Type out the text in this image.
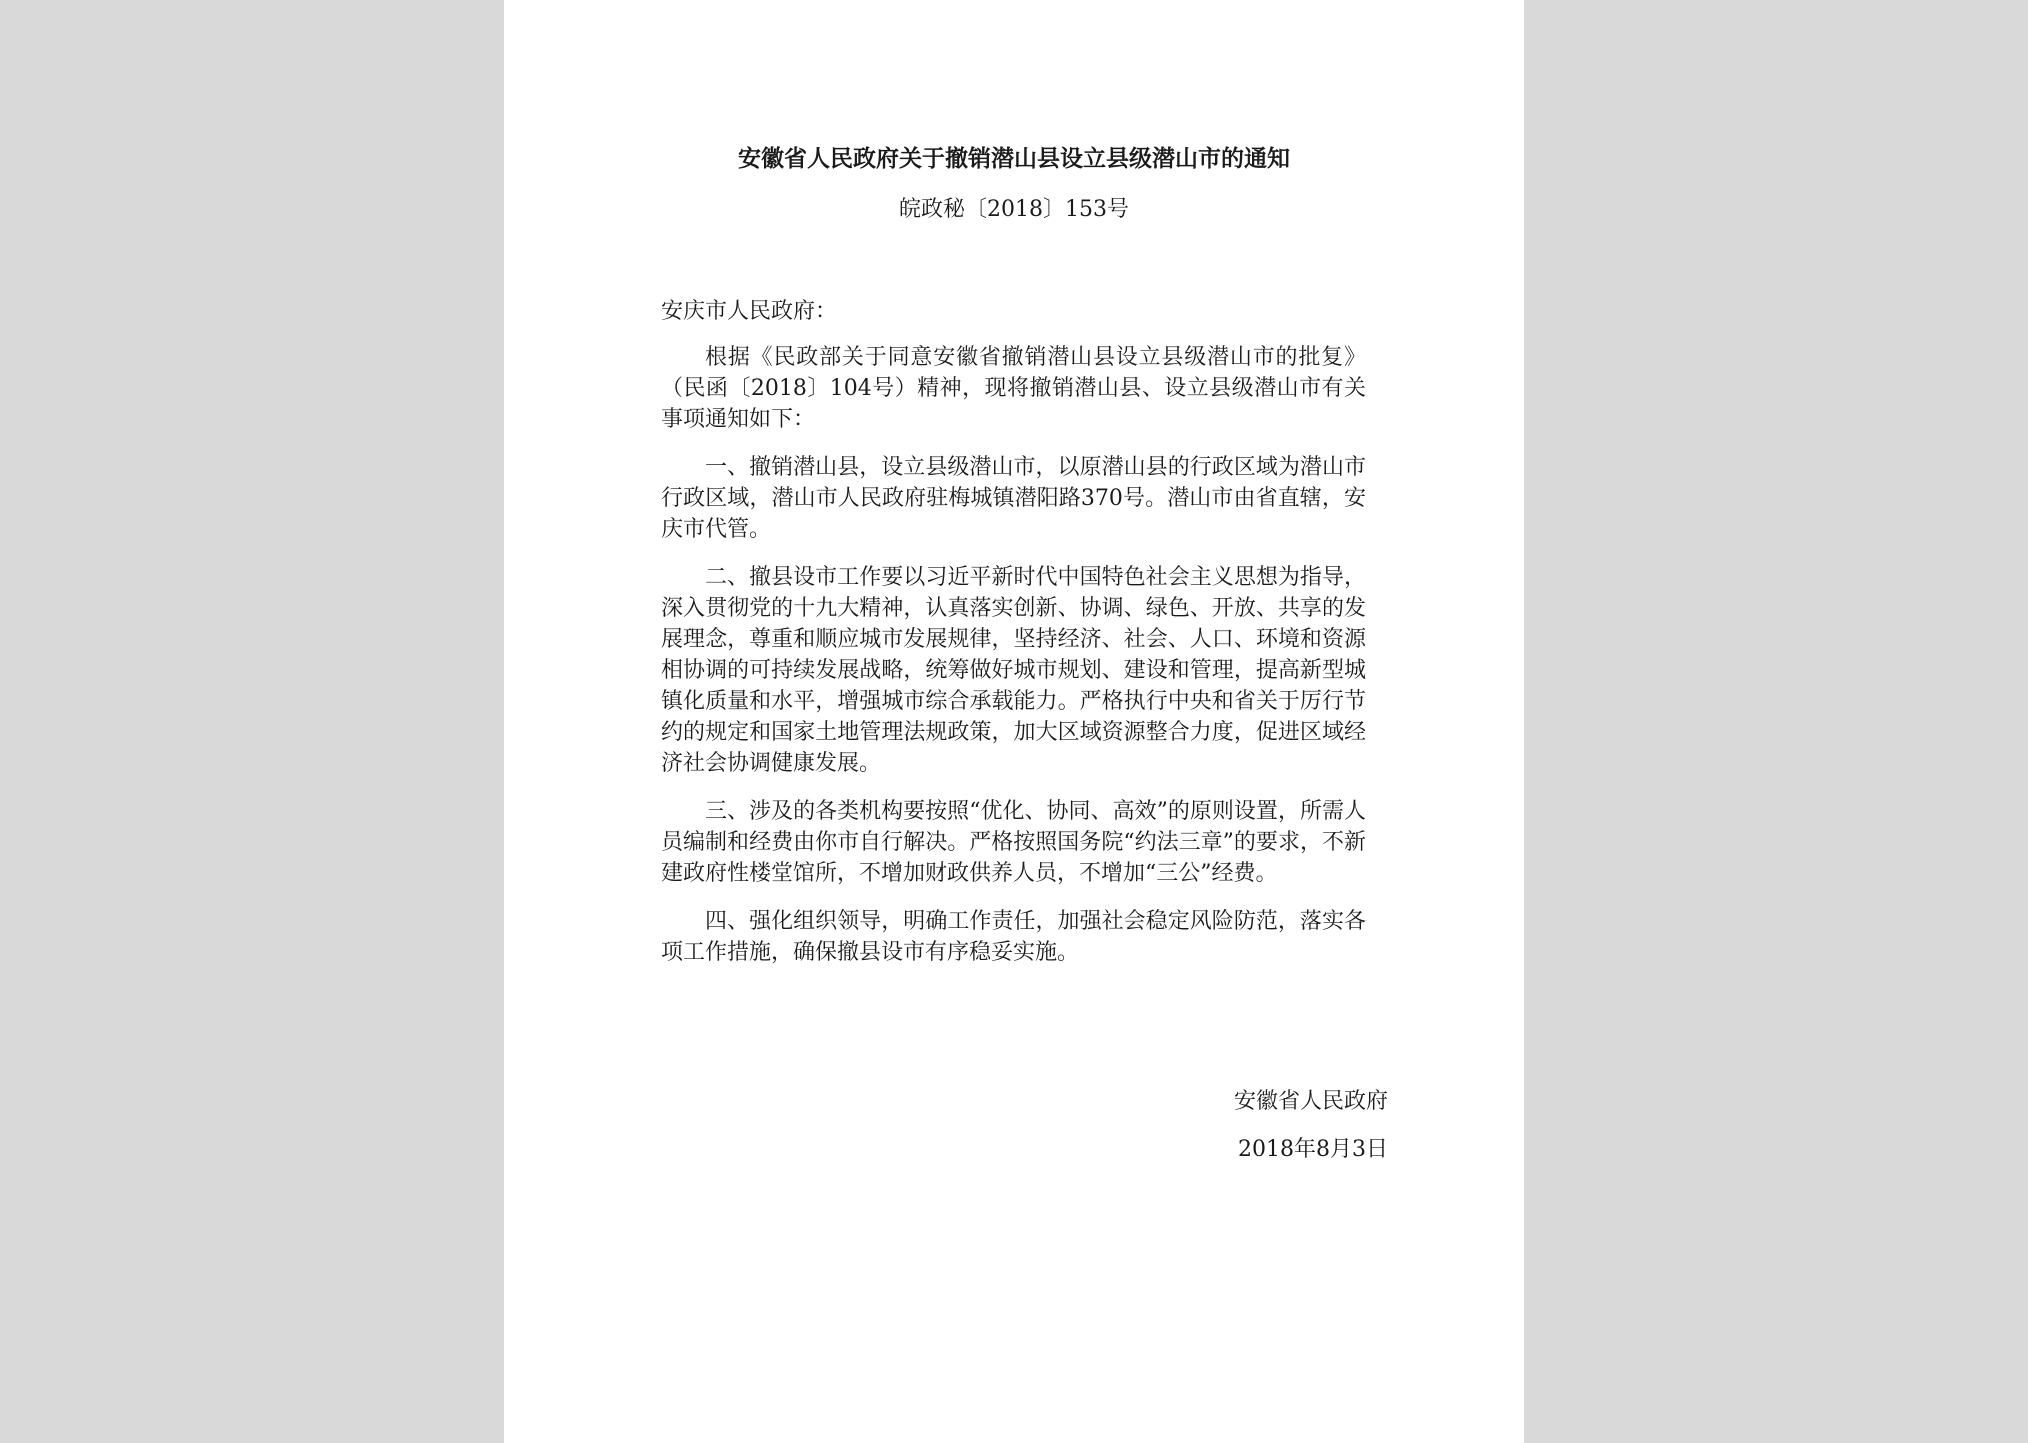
安徽省人民政府关于撤销潜山县设立县级潜山市的通知
皖政秘〔2018〕153号

安庆市人民政府：

根据《民政部关于同意安徽省撤销潜山县设立县级潜山市的批复》（民函〔2018〕104号）精神，现将撤销潜山县、设立县级潜山市有关事项通知如下：

一、撤销潜山县，设立县级潜山市，以原潜山县的行政区域为潜山市行政区域，潜山市人民政府驻梅城镇潜阳路370号。潜山市由省直辖，安庆市代管。

二、撤县设市工作要以习近平新时代中国特色社会主义思想为指导，深入贯彻党的十九大精神，认真落实创新、协调、绿色、开放、共享的发展理念，尊重和顺应城市发展规律，坚持经济、社会、人口、环境和资源相协调的可持续发展战略，统筹做好城市规划、建设和管理，提高新型城镇化质量和水平，增强城市综合承载能力。严格执行中央和省关于厉行节约的规定和国家土地管理法规政策，加大区域资源整合力度，促进区域经济社会协调健康发展。

三、涉及的各类机构要按照“优化、协同、高效”的原则设置，所需人员编制和经费由你市自行解决。严格按照国务院“约法三章”的要求，不新建政府性楼堂馆所，不增加财政供养人员，不增加“三公”经费。

四、强化组织领导，明确工作责任，加强社会稳定风险防范，落实各项工作措施，确保撤县设市有序稳妥实施。

安徽省人民政府
2018年8月3日
